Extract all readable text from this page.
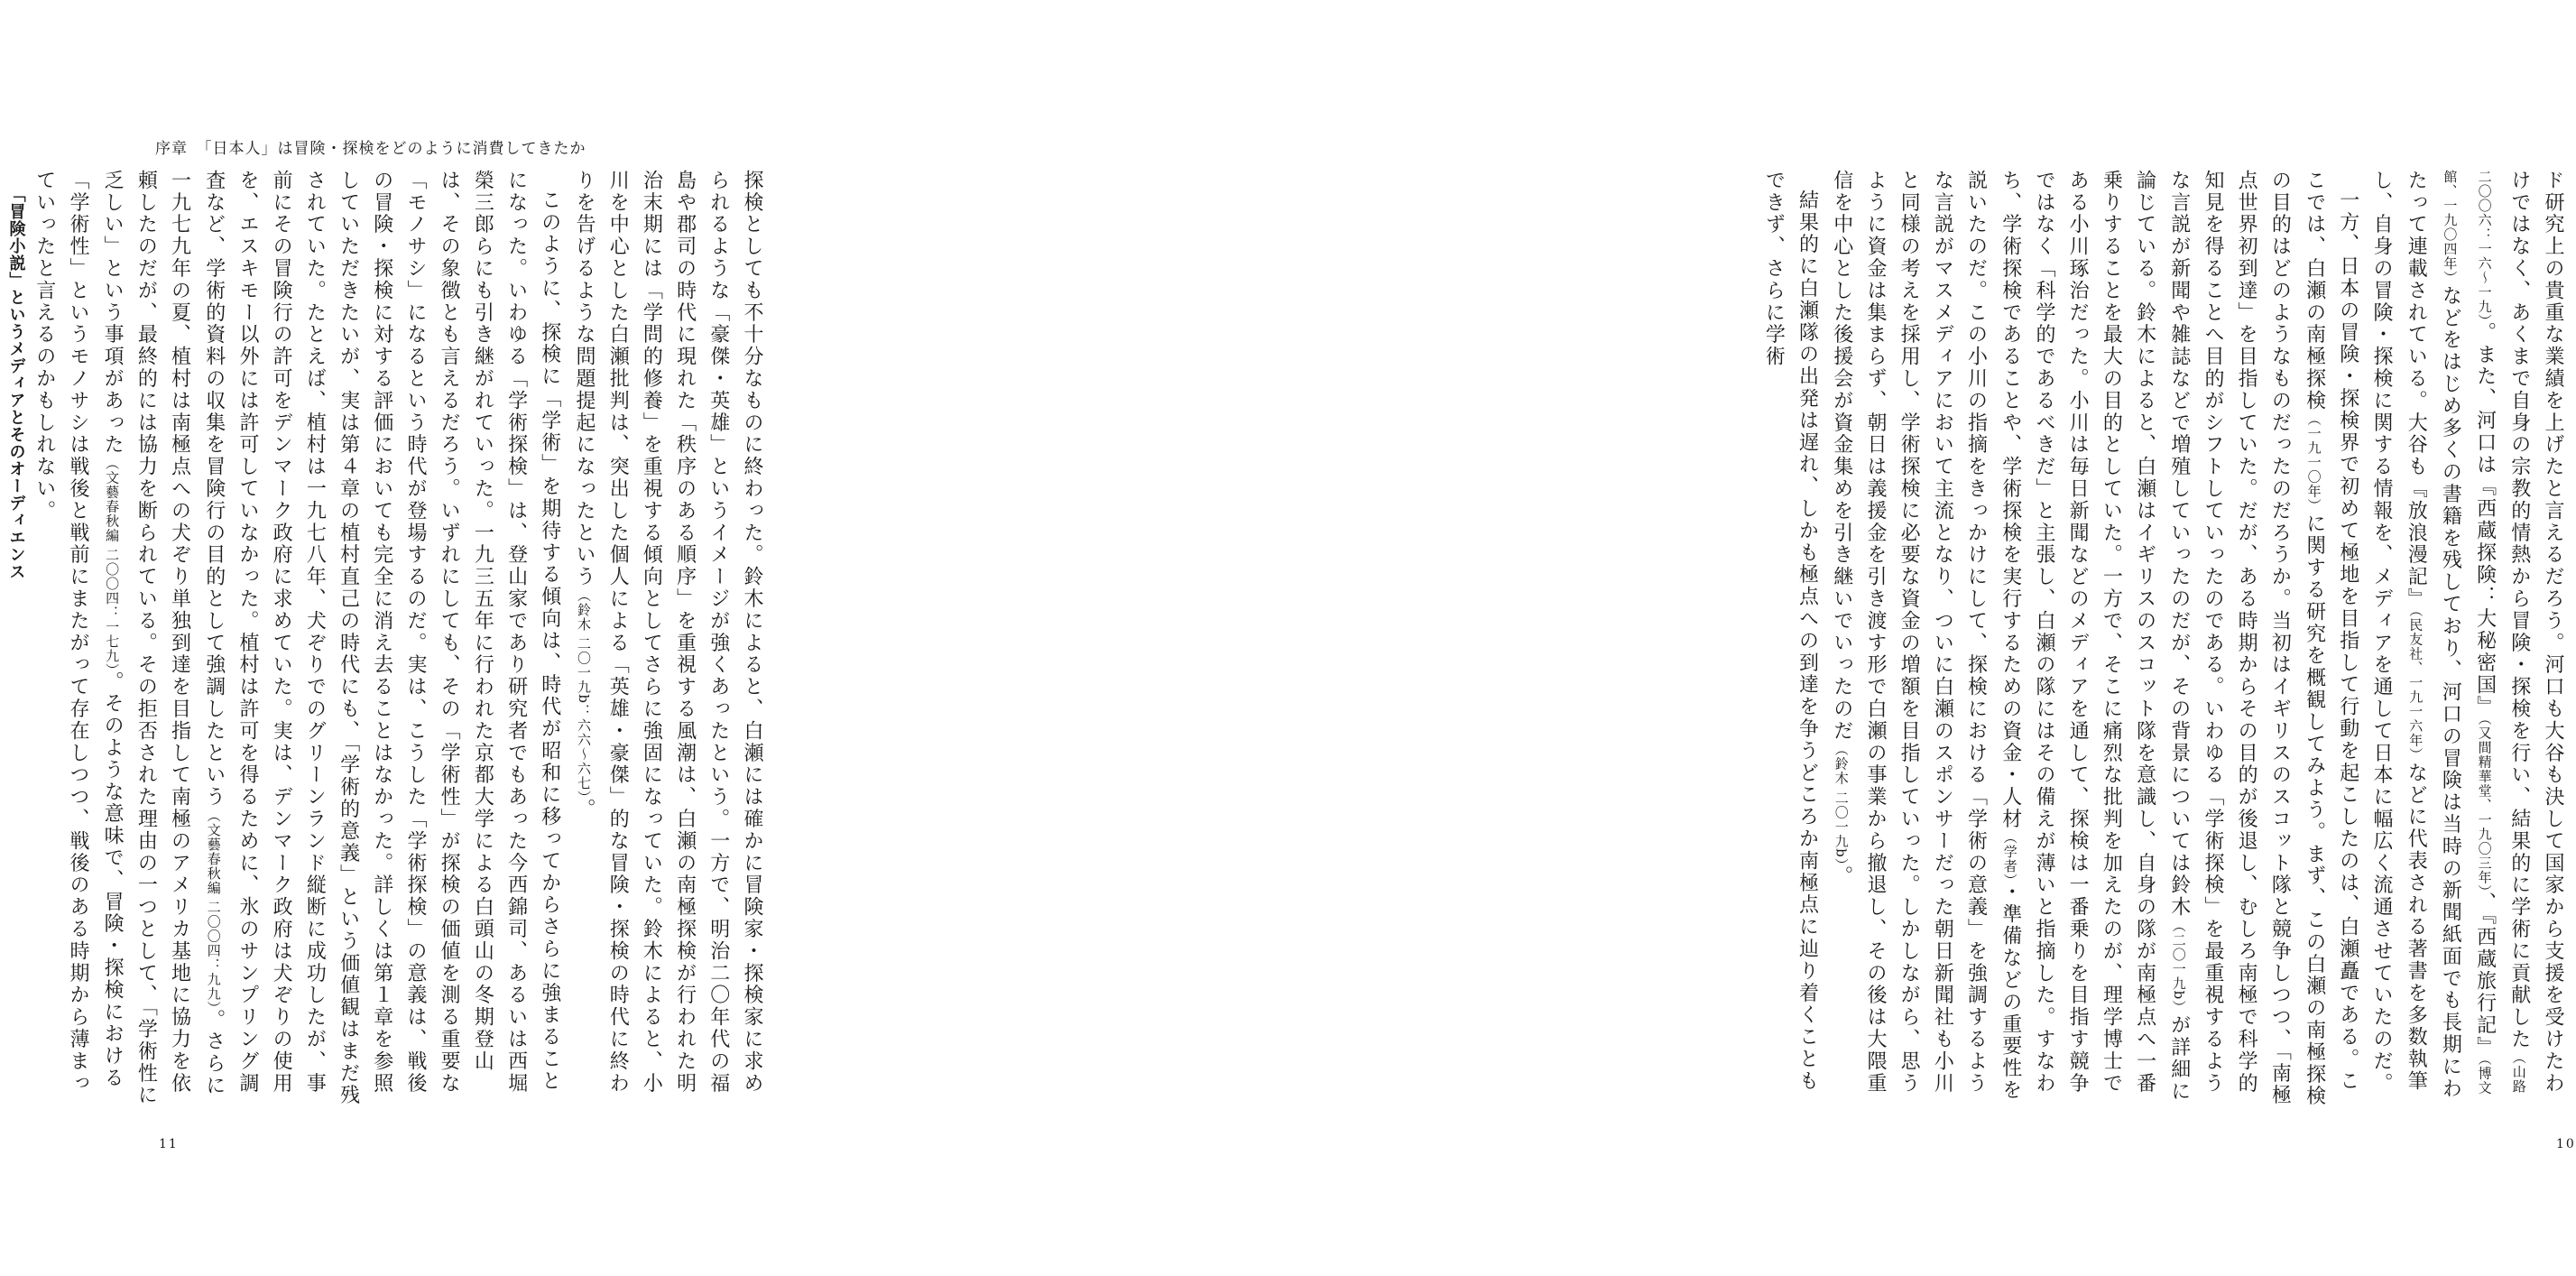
序章　「日本人」は冒険・探検をどのように消費してきたか

探検としても不十分なものに終わった。鈴木によると、白瀬には確かに冒険家・探検家に求められるような「豪傑・英雄」というイメージが強くあったという。一方で、明治二〇年代の福島や郡司の時代に現れた「秩序のある順序」を重視する風潮は、白瀬の南極探検が行われた明治末期には「学問的修養」を重視する傾向としてさらに強固になっていた。鈴木によると、小川を中心とした白瀬批判は、突出した個人による「英雄・豪傑」的な冒険・探検の時代に終わりを告げるような問題提起になったという（鈴木 二〇一九b：六六～六七）。

このように、探検に「学術」を期待する傾向は、時代が昭和に移ってからさらに強まることになった。いわゆる「学術探検」は、登山家であり研究者でもあった今西錦司、あるいは西堀榮三郎らにも引き継がれていった。一九三五年に行われた京都大学による白頭山の冬期登山は、その象徴とも言えるだろう。いずれにしても、その「学術性」が探検の価値を測る重要な「モノサシ」になるという時代が登場するのだ。実は、こうした「学術探検」の意義は、戦後の冒険・探検に対する評価においても完全に消え去ることはなかった。詳しくは第１章を参照していただきたいが、実は第４章の植村直己の時代にも、「学術的意義」という価値観はまだ残されていた。たとえば、植村は一九七八年、犬ぞりでのグリーンランド縦断に成功したが、事前にその冒険行の許可をデンマーク政府に求めていた。実は、デンマーク政府は犬ぞりの使用を、エスキモー以外には許可していなかった。植村は許可を得るために、氷のサンプリング調査など、学術的資料の収集を冒険行の目的として強調したという（文藝春秋編 二〇〇四：九九）。さらに一九七九年の夏、植村は南極点への犬ぞり単独到達を目指して南極のアメリカ基地に協力を依頼したのだが、最終的には協力を断られている。その拒否された理由の一つとして、「学術性に乏しい」という事項があった（文藝春秋編 二〇〇四：一七九）。そのような意味で、冒険・探検における「学術性」というモノサシは戦後と戦前にまたがって存在しつつ、戦後のある時期から薄まっていったと言えるのかもしれない。

「冒険小説」というメディアとそのオーディエンス

11

ド研究上の貴重な業績を上げたと言えるだろう。河口も大谷も決して国家から支援を受けたわけではなく、あくまで自身の宗教的情熱から冒険・探検を行い、結果的に学術に貢献した（山路 二〇〇六：一六～一九）。また、河口は『西蔵探険：大秘密国』（又間精華堂、一九〇三年）、『西蔵旅行記』（博文館、一九〇四年）などをはじめ多くの書籍を残しており、河口の冒険は当時の新聞紙面でも長期にわたって連載されている。大谷も『放浪漫記』（民友社、一九一六年）などに代表される著書を多数執筆し、自身の冒険・探検に関する情報を、メディアを通して日本に幅広く流通させていたのだ。

一方、日本の冒険・探検界で初めて極地を目指して行動を起こしたのは、白瀬矗である。ここでは、白瀬の南極探検（一九一〇年）に関する研究を概観してみよう。まず、この白瀬の南極探検の目的はどのようなものだったのだろうか。当初はイギリスのスコット隊と競争しつつ、「南極点世界初到達」を目指していた。だが、ある時期からその目的が後退し、むしろ南極で科学的知見を得ることへ目的がシフトしていったのである。いわゆる「学術探検」を最重視するような言説が新聞や雑誌などで増殖していったのだが、その背景については鈴木（二〇一九b）が詳細に論じている。鈴木によると、白瀬はイギリスのスコット隊を意識し、自身の隊が南極点へ一番乗りすることを最大の目的としていた。一方で、そこに痛烈な批判を加えたのが、理学博士である小川琢治だった。小川は毎日新聞などのメディアを通して、探検は一番乗りを目指す競争ではなく「科学的であるべきだ」と主張し、白瀬の隊にはその備えが薄いと指摘した。すなわち、学術探検であることや、学術探検を実行するための資金・人材（学者）・準備などの重要性を説いたのだ。この小川の指摘をきっかけにして、探検における「学術の意義」を強調するような言説がマスメディアにおいて主流となり、ついに白瀬のスポンサーだった朝日新聞社も小川と同様の考えを採用し、学術探検に必要な資金の増額を目指していった。しかしながら、思うように資金は集まらず、朝日は義援金を引き渡す形で白瀬の事業から撤退し、その後は大隈重信を中心とした後援会が資金集めを引き継いでいったのだ（鈴木 二〇一九b）。

結果的に白瀬隊の出発は遅れ、しかも極点への到達を争うどころか南極点に辿り着くこともできず、さらに学術

10
